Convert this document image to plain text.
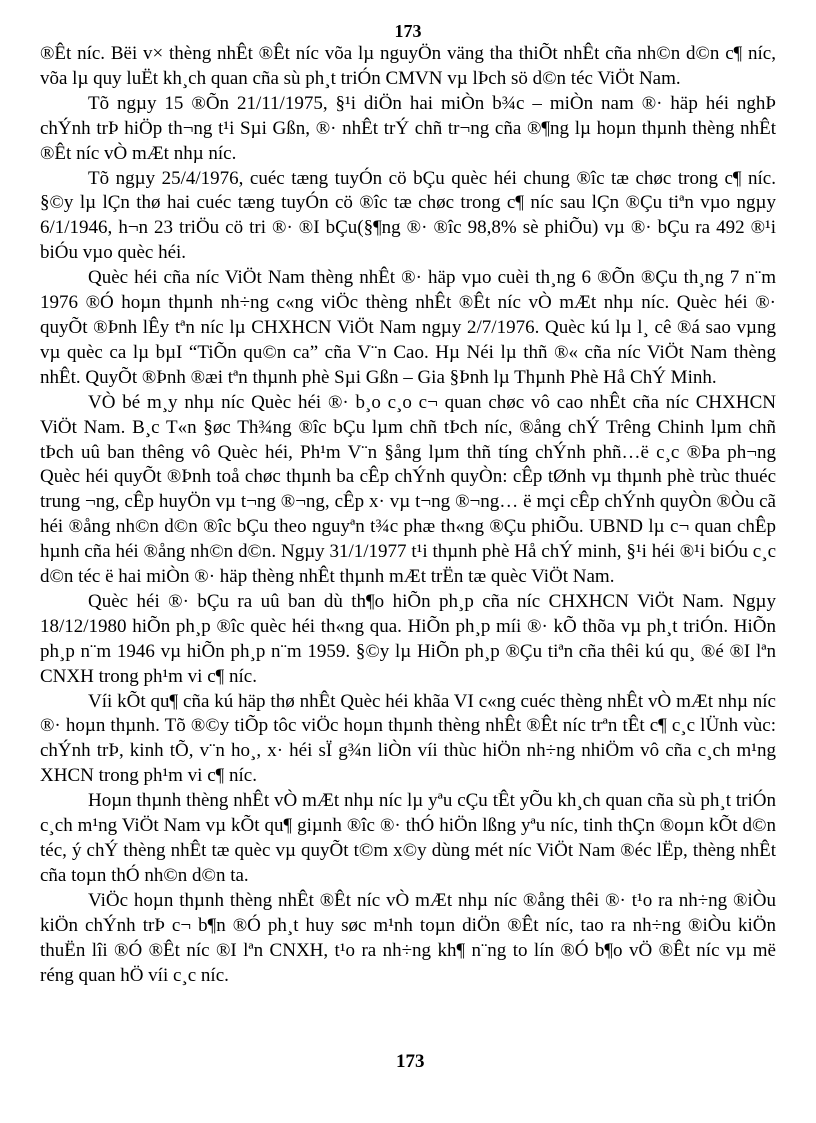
173

®Êt níc. Bëi v× thèng nhÊt ®Êt níc võa lµ nguyÖn väng tha thiÕt nhÊt cña nh©n d©n c¶ níc, võa lµ quy luËt kh¸ch quan cña sù ph¸t triÓn CMVN vµ lÞch sö d©n téc ViÖt Nam.

Tõ ngµy 15 ®Õn 21/11/1975, §¹i diÖn hai miÒn b¾c – miÒn nam ®· häp héi nghÞ chÝnh trÞ hiÖp th¬ng t¹i Sµi Gßn, ®· nhÊt trÝ chñ tr¬ng cña ®¶ng lµ hoµn thµnh thèng nhÊt ®Êt níc vÒ mÆt nhµ níc.

Tõ ngµy 25/4/1976, cuéc tæng tuyÓn cö bÇu quèc héi chung ®îc tæ chøc trong c¶ níc. §©y lµ lÇn thø hai cuéc tæng tuyÓn cö ®îc tæ chøc trong c¶ níc sau lÇn ®Çu tiªn vµo ngµy 6/1/1946, h¬n 23 triÖu cö tri ®· ®I bÇu(§¶ng ®· ®îc 98,8% sè phiÕu) vµ ®· bÇu ra 492 ®¹i biÓu vµo quèc héi.

Quèc héi cña níc ViÖt Nam thèng nhÊt ®· häp vµo cuèi th¸ng 6 ®Õn ®Çu th¸ng 7 n¨m 1976 ®Ó hoµn thµnh nh÷ng c«ng viÖc thèng nhÊt ®Êt níc vÒ mÆt nhµ níc. Quèc héi ®· quyÕt ®Þnh lÊy tªn níc lµ CHXHCN ViÖt Nam ngµy 2/7/1976. Quèc kú lµ l¸ cê ®á sao vµng vµ quèc ca lµ bµI “TiÕn qu©n ca” cña V¨n Cao. Hµ Néi lµ thñ ®« cña níc ViÖt Nam thèng nhÊt. QuyÕt ®Þnh ®æi tªn thµnh phè Sµi Gßn – Gia §Þnh lµ Thµnh Phè Hå ChÝ Minh.

VÒ bé m¸y nhµ níc Quèc héi ®· b¸o c¸o c¬ quan chøc vô cao nhÊt cña níc CHXHCN ViÖt Nam. B¸c T«n §øc Th¾ng ®îc bÇu lµm chñ tÞch níc, ®ång chÝ Trêng Chinh lµm chñ tÞch uû ban thêng vô Quèc héi, Ph¹m V¨n §ång lµm thñ tíng chÝnh phñ…ë c¸c ®Þa ph¬ng Quèc héi quyÕt ®Þnh toå chøc thµnh ba cÊp chÝnh quyÒn: cÊp tØnh vµ thµnh phè trùc thuéc trung ¬ng, cÊp huyÖn vµ t¬ng ®¬ng, cÊp x· vµ t¬ng ®¬ng… ë mçi cÊp chÝnh quyÒn ®Òu cã héi ®ång nh©n d©n ®îc bÇu theo nguyªn t¾c phæ th«ng ®Çu phiÕu. UBND lµ c¬ quan chÊp hµnh cña héi ®ång nh©n d©n. Ngµy 31/1/1977 t¹i thµnh phè Hå chÝ minh, §¹i héi ®¹i biÓu c¸c d©n téc ë hai miÒn ®· häp thèng nhÊt thµnh mÆt trËn tæ quèc ViÖt Nam.

Quèc héi ®· bÇu ra uû ban dù th¶o hiÕn ph¸p cña níc CHXHCN ViÖt Nam. Ngµy 18/12/1980 hiÕn ph¸p ®îc quèc héi th«ng qua. HiÕn ph¸p míi ®· kÕ thõa vµ ph¸t triÓn. HiÕn ph¸p n¨m 1946 vµ hiÕn ph¸p n¨m 1959. §©y lµ HiÕn ph¸p ®Çu tiªn cña thêi kú qu¸ ®é ®I lªn CNXH trong ph¹m vi c¶ níc.

Víi kÕt qu¶ cña kú häp thø nhÊt Quèc héi khãa VI c«ng cuéc thèng nhÊt vÒ mÆt nhµ níc ®· hoµn thµnh. Tõ ®©y tiÕp tôc viÖc hoµn thµnh thèng nhÊt ®Êt níc trªn tÊt c¶ c¸c lÜnh vùc: chÝnh trÞ, kinh tÕ, v¨n ho¸, x· héi sÏ g¾n liÒn víi thùc hiÖn nh÷ng nhiÖm vô cña c¸ch m¹ng XHCN trong ph¹m vi c¶ níc.

Hoµn thµnh thèng nhÊt vÒ mÆt nhµ níc lµ yªu cÇu tÊt yÕu kh¸ch quan cña sù ph¸t triÓn c¸ch m¹ng ViÖt Nam vµ kÕt qu¶ giµnh ®îc ®· thÓ hiÖn lßng yªu níc, tinh thÇn ®oµn kÕt d©n téc, ý chÝ thèng nhÊt tæ quèc vµ quyÕt t©m x©y dùng mét níc ViÖt Nam ®éc lËp, thèng nhÊt cña toµn thÓ nh©n d©n ta.

ViÖc hoµn thµnh thèng nhÊt ®Êt níc vÒ mÆt nhµ níc ®ång thêi ®· t¹o ra nh÷ng ®iÒu kiÖn chÝnh trÞ c¬ b¶n ®Ó ph¸t huy søc m¹nh toµn diÖn ®Êt níc, tao ra nh÷ng ®iÒu kiÖn thuËn lîi ®Ó ®Êt níc ®I lªn CNXH, t¹o ra nh÷ng kh¶ n¨ng to lín ®Ó b¶o vÖ ®Êt níc vµ më réng quan hÖ víi c¸c níc.

173
